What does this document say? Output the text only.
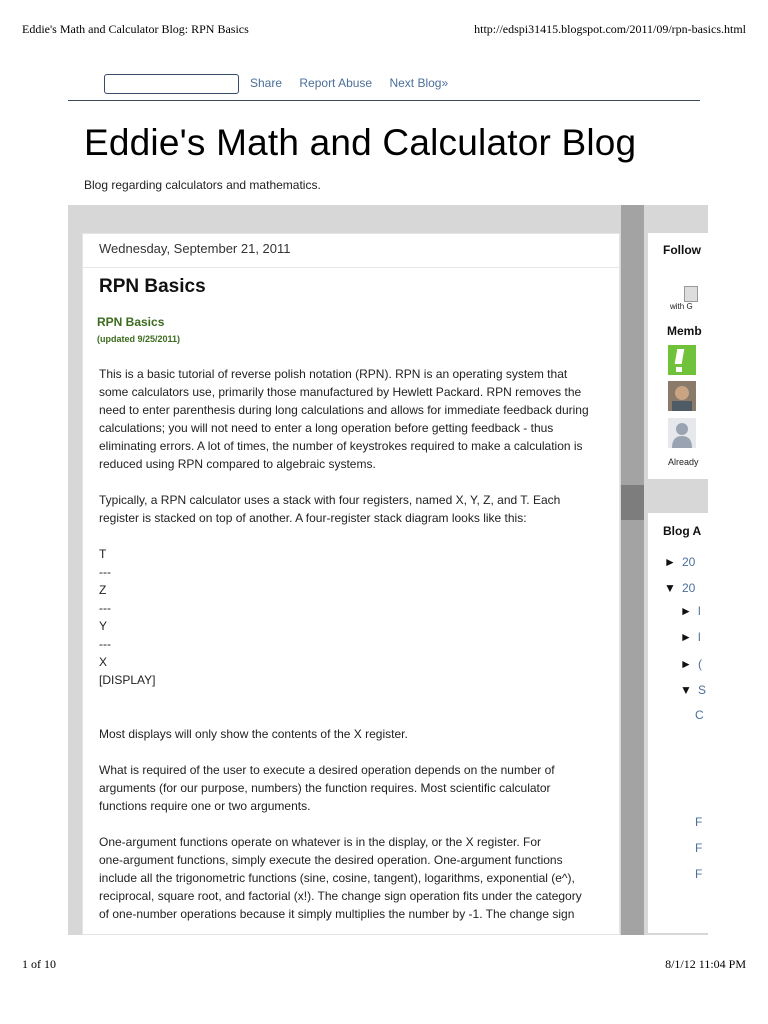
Eddie's Math and Calculator Blog: RPN Basics	http://edspi31415.blogspot.com/2011/09/rpn-basics.html
Share Report Abuse Next Blog»
Eddie's Math and Calculator Blog
Blog regarding calculators and mathematics.
Wednesday, September 21, 2011
RPN Basics
RPN Basics
(updated 9/25/2011)

This is a basic tutorial of reverse polish notation (RPN). RPN is an operating system that
some calculators use, primarily those manufactured by Hewlett Packard. RPN removes the
need to enter parenthesis during long calculations and allows for immediate feedback during
calculations; you will not need to enter a long operation before getting feedback - thus
eliminating errors. A lot of times, the number of keystrokes required to make a calculation is
reduced using RPN compared to algebraic systems.

Typically, a RPN calculator uses a stack with four registers, named X, Y, Z, and T. Each
register is stacked on top of another. A four-register stack diagram looks like this:

T
---
Z
---
Y
---
X
[DISPLAY]

Most displays will only show the contents of the X register.

What is required of the user to execute a desired operation depends on the number of
arguments (for our purpose, numbers) the function requires. Most scientific calculator
functions require one or two arguments.

One-argument functions operate on whatever is in the display, or the X register. For
one-argument functions, simply execute the desired operation. One-argument functions
include all the trigonometric functions (sine, cosine, tangent), logarithms, exponential (e^),
reciprocal, square root, and factorial (x!). The change sign operation fits under the category
of one-number operations because it simply multiplies the number by -1. The change sign

Follow
with G
Memb
Already
Blog A
► 20
▼ 20
► l
► l
► (
▼ S
C
F
F
F
1 of 10	8/1/12 11:04 PM
